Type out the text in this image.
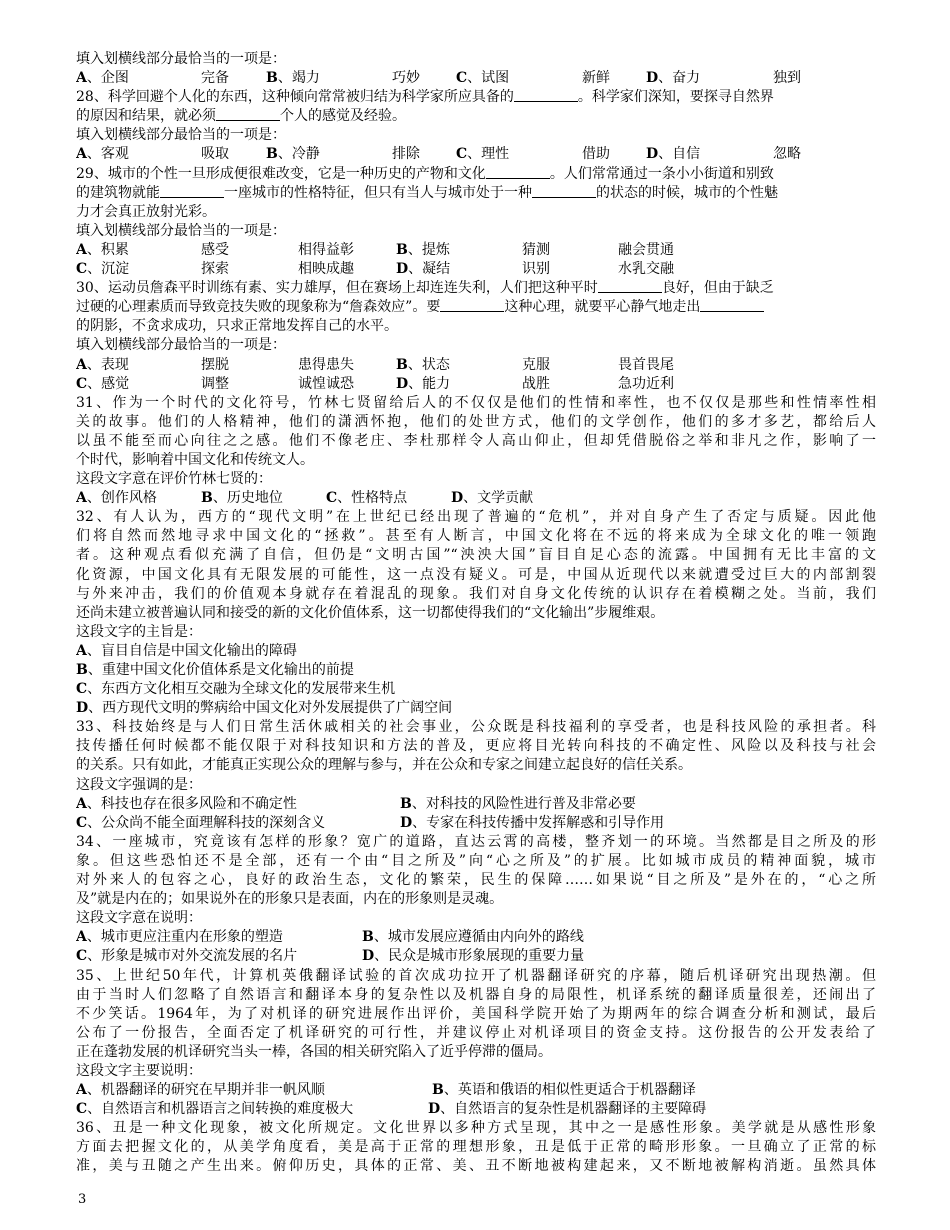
填入划横线部分最恰当的一项是：
A、企图	完备	B、竭力	巧妙	C、试图	新鲜	D、奋力	独到
28、科学回避个人化的东西，这种倾向常常被归结为科学家所应具备的	。科学家们深知，要探寻自然界
的原因和结果，就必须	个人的感觉及经验。
填入划横线部分最恰当的一项是：
A、客观	吸取	B、冷静	排除	C、理性	借助	D、自信	忽略
29、城市的个性一旦形成便很难改变，它是一种历史的产物和文化	。人们常常通过一条小小街道和别致
的建筑物就能	一座城市的性格特征，但只有当人与城市处于一种	的状态的时候，城市的个性魅
力才会真正放射光彩。
填入划横线部分最恰当的一项是：
A、积累	感受	相得益彰	B、提炼	猜测	融会贯通
C、沉淀	探索	相映成趣	D、凝结	识别	水乳交融
30、运动员詹森平时训练有素、实力雄厚，但在赛场上却连连失利，人们把这种平时	良好，但由于缺乏
过硬的心理素质而导致竞技失败的现象称为“詹森效应”。要	这种心理，就要平心静气地走出
的阴影，不贪求成功，只求正常地发挥自己的水平。
填入划横线部分最恰当的一项是：
A、表现	摆脱	患得患失	B、状态	克服	畏首畏尾
C、感觉	调整	诚惶诚恐	D、能力	战胜	急功近利
31、作为一个时代的文化符号，竹林七贤留给后人的不仅仅是他们的性情和率性，也不仅仅是那些和性情率性相
关的故事。他们的人格精神，他们的潇洒怀抱，他们的处世方式，他们的文学创作，他们的多才多艺，都给后人
以虽不能至而心向往之之感。他们不像老庄、李杜那样令人高山仰止，但却凭借脱俗之举和非凡之作，影响了一
个时代，影响着中国文化和传统文人。
这段文字意在评价竹林七贤的：
A、创作风格	B、历史地位	C、性格特点	D、文学贡献
32、有人认为，西方的“现代文明”在上世纪已经出现了普遍的“危机”，并对自身产生了否定与质疑。因此他
们将自然而然地寻求中国文化的“拯救”。甚至有人断言，中国文化将在不远的将来成为全球文化的唯一领跑
者。这种观点看似充满了自信，但仍是“文明古国”“泱泱大国”盲目自足心态的流露。中国拥有无比丰富的文
化资源，中国文化具有无限发展的可能性，这一点没有疑义。可是，中国从近现代以来就遭受过巨大的内部割裂
与外来冲击，我们的价值观本身就存在着混乱的现象。我们对自身文化传统的认识存在着模糊之处。当前，我们
还尚未建立被普遍认同和接受的新的文化价值体系，这一切都使得我们的“文化输出”步履维艰。
这段文字的主旨是：
A、盲目自信是中国文化输出的障碍
B、重建中国文化价值体系是文化输出的前提
C、东西方文化相互交融为全球文化的发展带来生机
D、西方现代文明的弊病给中国文化对外发展提供了广阔空间
33、科技始终是与人们日常生活休戚相关的社会事业，公众既是科技福利的享受者，也是科技风险的承担者。科
技传播任何时候都不能仅限于对科技知识和方法的普及，更应将目光转向科技的不确定性、风险以及科技与社会
的关系。只有如此，才能真正实现公众的理解与参与，并在公众和专家之间建立起良好的信任关系。
这段文字强调的是：
A、科技也存在很多风险和不确定性	B、对科技的风险性进行普及非常必要
C、公众尚不能全面理解科技的深刻含义	D、专家在科技传播中发挥解惑和引导作用
34、一座城市，究竟该有怎样的形象？宽广的道路，直达云霄的高楼，整齐划一的环境。当然都是目之所及的形
象。但这些恐怕还不是全部，还有一个由“目之所及”向“心之所及”的扩展。比如城市成员的精神面貌，城市
对外来人的包容之心，良好的政治生态，文化的繁荣，民生的保障……如果说“目之所及”是外在的，“心之所
及”就是内在的；如果说外在的形象只是表面，内在的形象则是灵魂。
这段文字意在说明：
A、城市更应注重内在形象的塑造	B、城市发展应遵循由内向外的路线
C、形象是城市对外交流发展的名片	D、民众是城市形象展现的重要力量
35、上世纪50年代，计算机英俄翻译试验的首次成功拉开了机器翻译研究的序幕，随后机译研究出现热潮。但
由于当时人们忽略了自然语言和翻译本身的复杂性以及机器自身的局限性，机译系统的翻译质量很差，还闹出了
不少笑话。1964年，为了对机译的研究进展作出评价，美国科学院开始了为期两年的综合调查分析和测试，最后
公布了一份报告，全面否定了机译研究的可行性，并建议停止对机译项目的资金支持。这份报告的公开发表给了
正在蓬勃发展的机译研究当头一棒，各国的相关研究陷入了近乎停滞的僵局。
这段文字主要说明：
A、机器翻译的研究在早期并非一帆风顺	B、英语和俄语的相似性更适合于机器翻译
C、自然语言和机器语言之间转换的难度极大	D、自然语言的复杂性是机器翻译的主要障碍
36、丑是一种文化现象，被文化所规定。文化世界以多种方式呈现，其中之一是感性形象。美学就是从感性形象
方面去把握文化的，从美学角度看，美是高于正常的理想形象，丑是低于正常的畸形形象。一旦确立了正常的标
准，美与丑随之产生出来。俯仰历史，具体的正常、美、丑不断地被构建起来，又不断地被解构消逝。虽然具体
3
